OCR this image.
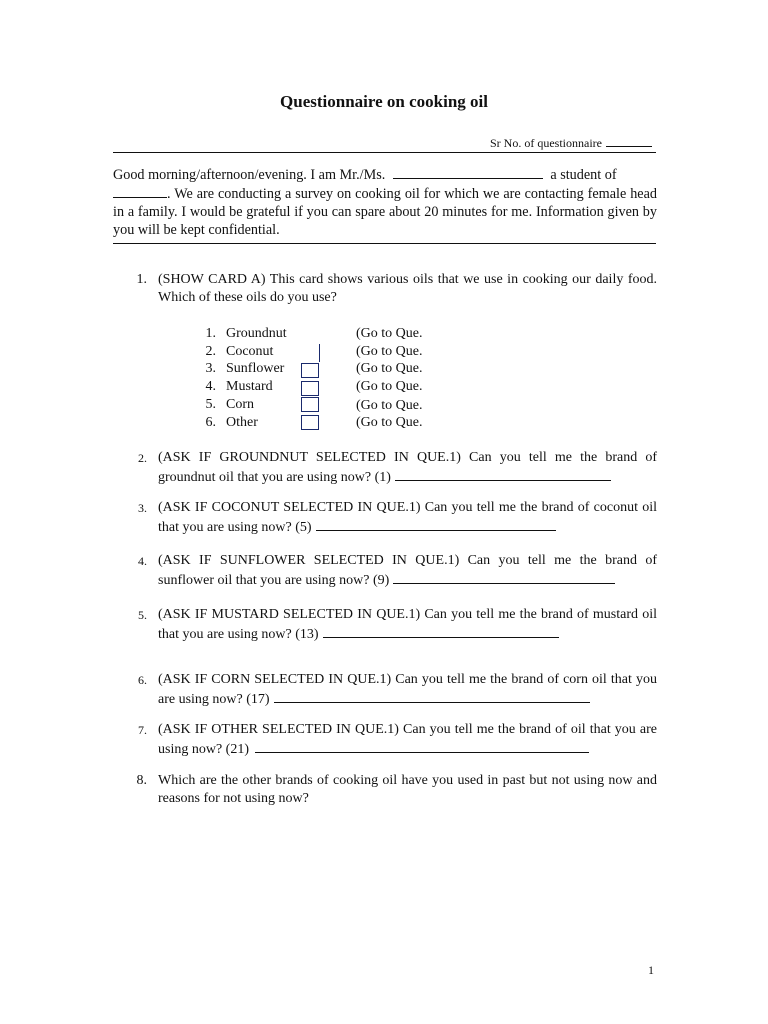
Questionnaire on cooking oil
Sr No. of questionnaire
Good morning/afternoon/evening. I am Mr./Ms.	a student of
. We are conducting a survey on cooking oil for which we are contacting female head in a family. I would be grateful if you can spare about 20 minutes for me. Information given by you will be kept confidential.
1. (SHOW CARD A) This card shows various oils that we use in cooking our daily food. Which of these oils do you use?
1. Groundnut	(Go to Que.
2. Coconut	(Go to Que.
3. Sunflower	(Go to Que.
4. Mustard	(Go to Que.
5. Corn	(Go to Que.
6. Other	(Go to Que.
2. (ASK IF GROUNDNUT SELECTED IN QUE.1) Can you tell me the brand of groundnut oil that you are using now? (1)
3. (ASK IF COCONUT SELECTED IN QUE.1) Can you tell me the brand of coconut oil that you are using now? (5)
4. (ASK IF SUNFLOWER SELECTED IN QUE.1) Can you tell me the brand of sunflower oil that you are using now? (9)
5. (ASK IF MUSTARD SELECTED IN QUE.1) Can you tell me the brand of mustard oil that you are using now? (13)
6. (ASK IF CORN SELECTED IN QUE.1) Can you tell me the brand of corn oil that you are using now? (17)
7. (ASK IF OTHER SELECTED IN QUE.1) Can you tell me the brand of oil that you are using now? (21)
8. Which are the other brands of cooking oil have you used in past but not using now and reasons for not using now?
1
